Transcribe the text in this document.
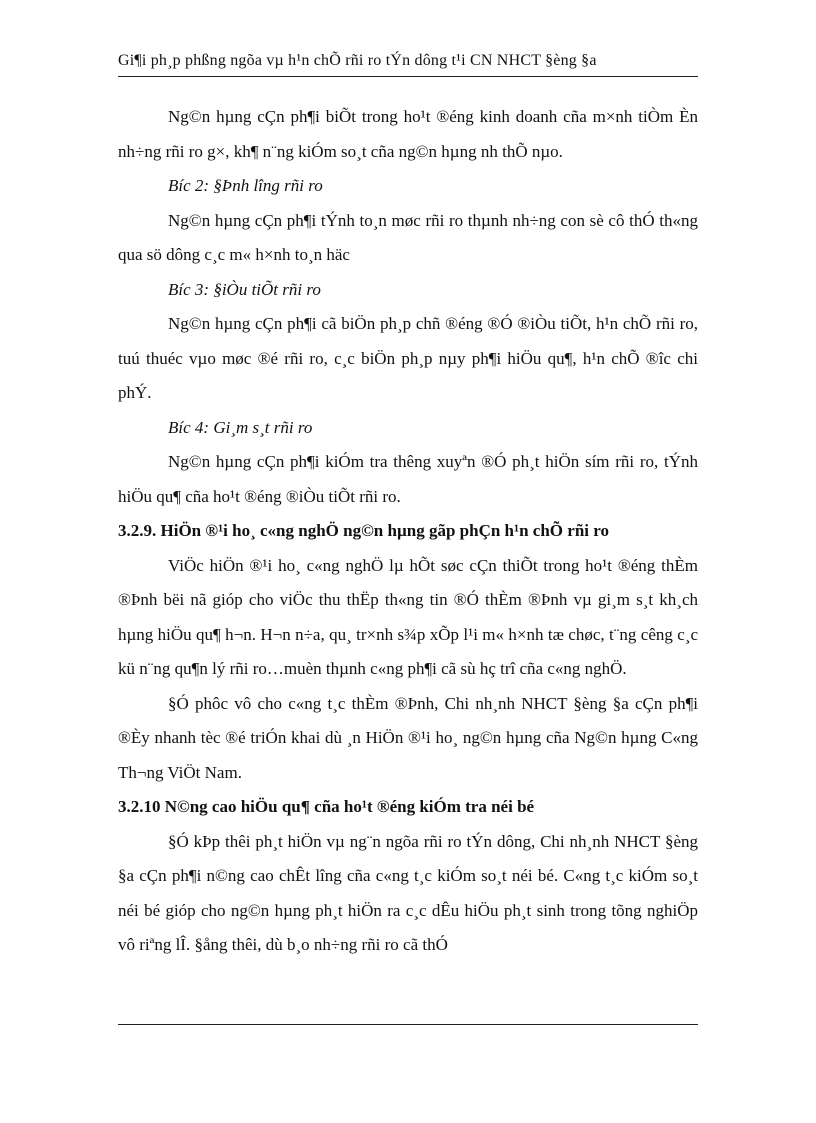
Gi¶i ph¸p phßng ngõa vµ h¹n chÕ rñi ro tÝn dông t¹i CN NHCT §èng §a

Ng©n hµng cÇn ph¶i biÕt trong ho¹t ®éng kinh doanh cña m×nh tiÒm Èn nh÷ng rñi ro g×, kh¶ n¨ng kiÓm so¸t cña ng©n hµng nh thÕ nµo.

Bíc 2: §Þnh lîng rñi ro

Ng©n hµng cÇn ph¶i tÝnh to¸n møc rñi ro thµnh nh÷ng con sè cô thÓ th«ng qua sö dông c¸c m« h×nh to¸n häc

Bíc 3: §iÒu tiÕt rñi ro

Ng©n hµng cÇn ph¶i cã biÖn ph¸p chñ ®éng ®Ó ®iÒu tiÕt, h¹n chÕ rñi ro, tuú thuéc vµo møc ®é rñi ro, c¸c biÖn ph¸p nµy ph¶i hiÖu qu¶, h¹n chÕ ®îc chi phÝ.

Bíc 4: Gi¸m s¸t rñi ro

Ng©n hµng cÇn ph¶i kiÓm tra thêng xuyªn ®Ó ph¸t hiÖn sím rñi ro, tÝnh hiÖu qu¶ cña ho¹t ®éng ®iÒu tiÕt rñi ro.

3.2.9. HiÖn ®¹i ho¸ c«ng nghÖ ng©n hµng gãp phÇn h¹n chÕ rñi ro

ViÖc hiÖn ®¹i ho¸ c«ng nghÖ lµ hÕt søc cÇn thiÕt trong ho¹t ®éng thÈm ®Þnh bëi nã gióp cho viÖc thu thËp th«ng tin ®Ó thÈm ®Þnh vµ gi¸m s¸t kh¸ch hµng hiÖu qu¶ h¬n. H¬n n÷a, qu¸ tr×nh s¾p xÕp l¹i m« h×nh tæ chøc, t¨ng cêng c¸c kü n¨ng qu¶n lý rñi ro…muèn thµnh c«ng ph¶i cã sù hç trî cña c«ng nghÖ.

§Ó phôc vô cho c«ng t¸c thÈm ®Þnh, Chi nh¸nh NHCT §èng §a cÇn ph¶i ®Èy nhanh tèc ®é triÓn khai dù ¸n HiÖn ®¹i ho¸ ng©n hµng cña Ng©n hµng C«ng Th¬ng ViÖt Nam.

3.2.10 N©ng cao hiÖu qu¶ cña ho¹t ®éng kiÓm tra néi bé

§Ó kÞp thêi ph¸t hiÖn vµ ng¨n ngõa rñi ro tÝn dông, Chi nh¸nh NHCT §èng §a cÇn ph¶i n©ng cao chÊt lîng cña c«ng t¸c kiÓm so¸t néi bé. C«ng t¸c kiÓm so¸t néi bé gióp cho ng©n hµng ph¸t hiÖn ra c¸c dÊu hiÖu ph¸t sinh trong tõng nghiÖp vô riªng lÎ. §ång thêi, dù b¸o nh÷ng rñi ro cã thÓ
